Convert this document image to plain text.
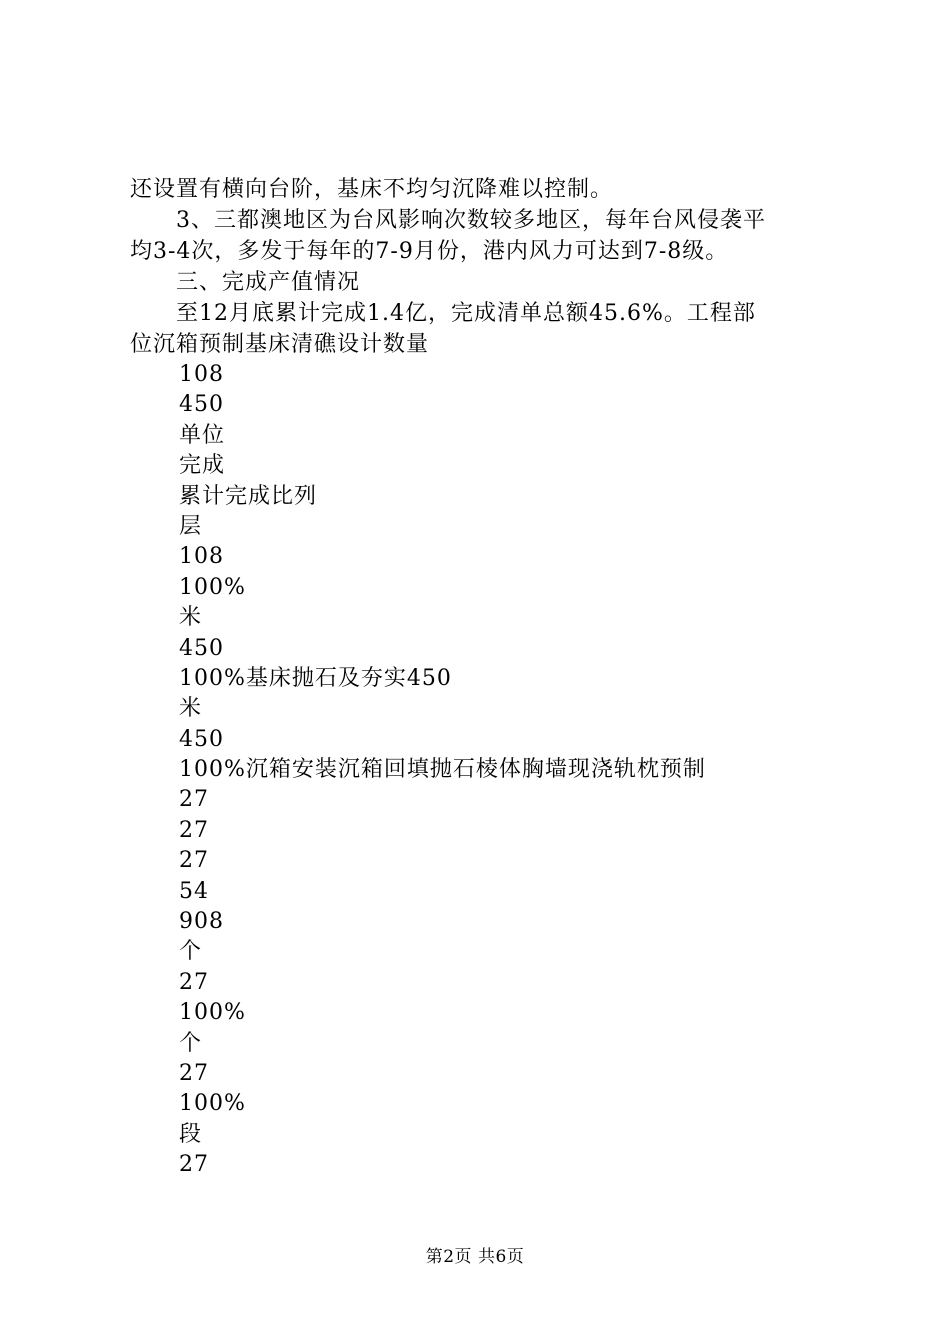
还设置有横向台阶，基床不均匀沉降难以控制。

　　3、三都澳地区为台风影响次数较多地区，每年台风侵袭平

均3-4次，多发于每年的7-9月份，港内风力可达到7-8级。

　　三、完成产值情况

　　至12月底累计完成1.4亿，完成清单总额45.6%。工程部

位沉箱预制基床清礁设计数量

108
450
单位
完成
累计完成比列
层
108
100%
米
450
100%基床抛石及夯实450
米
450
100%沉箱安装沉箱回填抛石棱体胸墙现浇轨枕预制
27
27
27
54
908
个
27
100%
个
27
100%
段
27
第2页 共6页
